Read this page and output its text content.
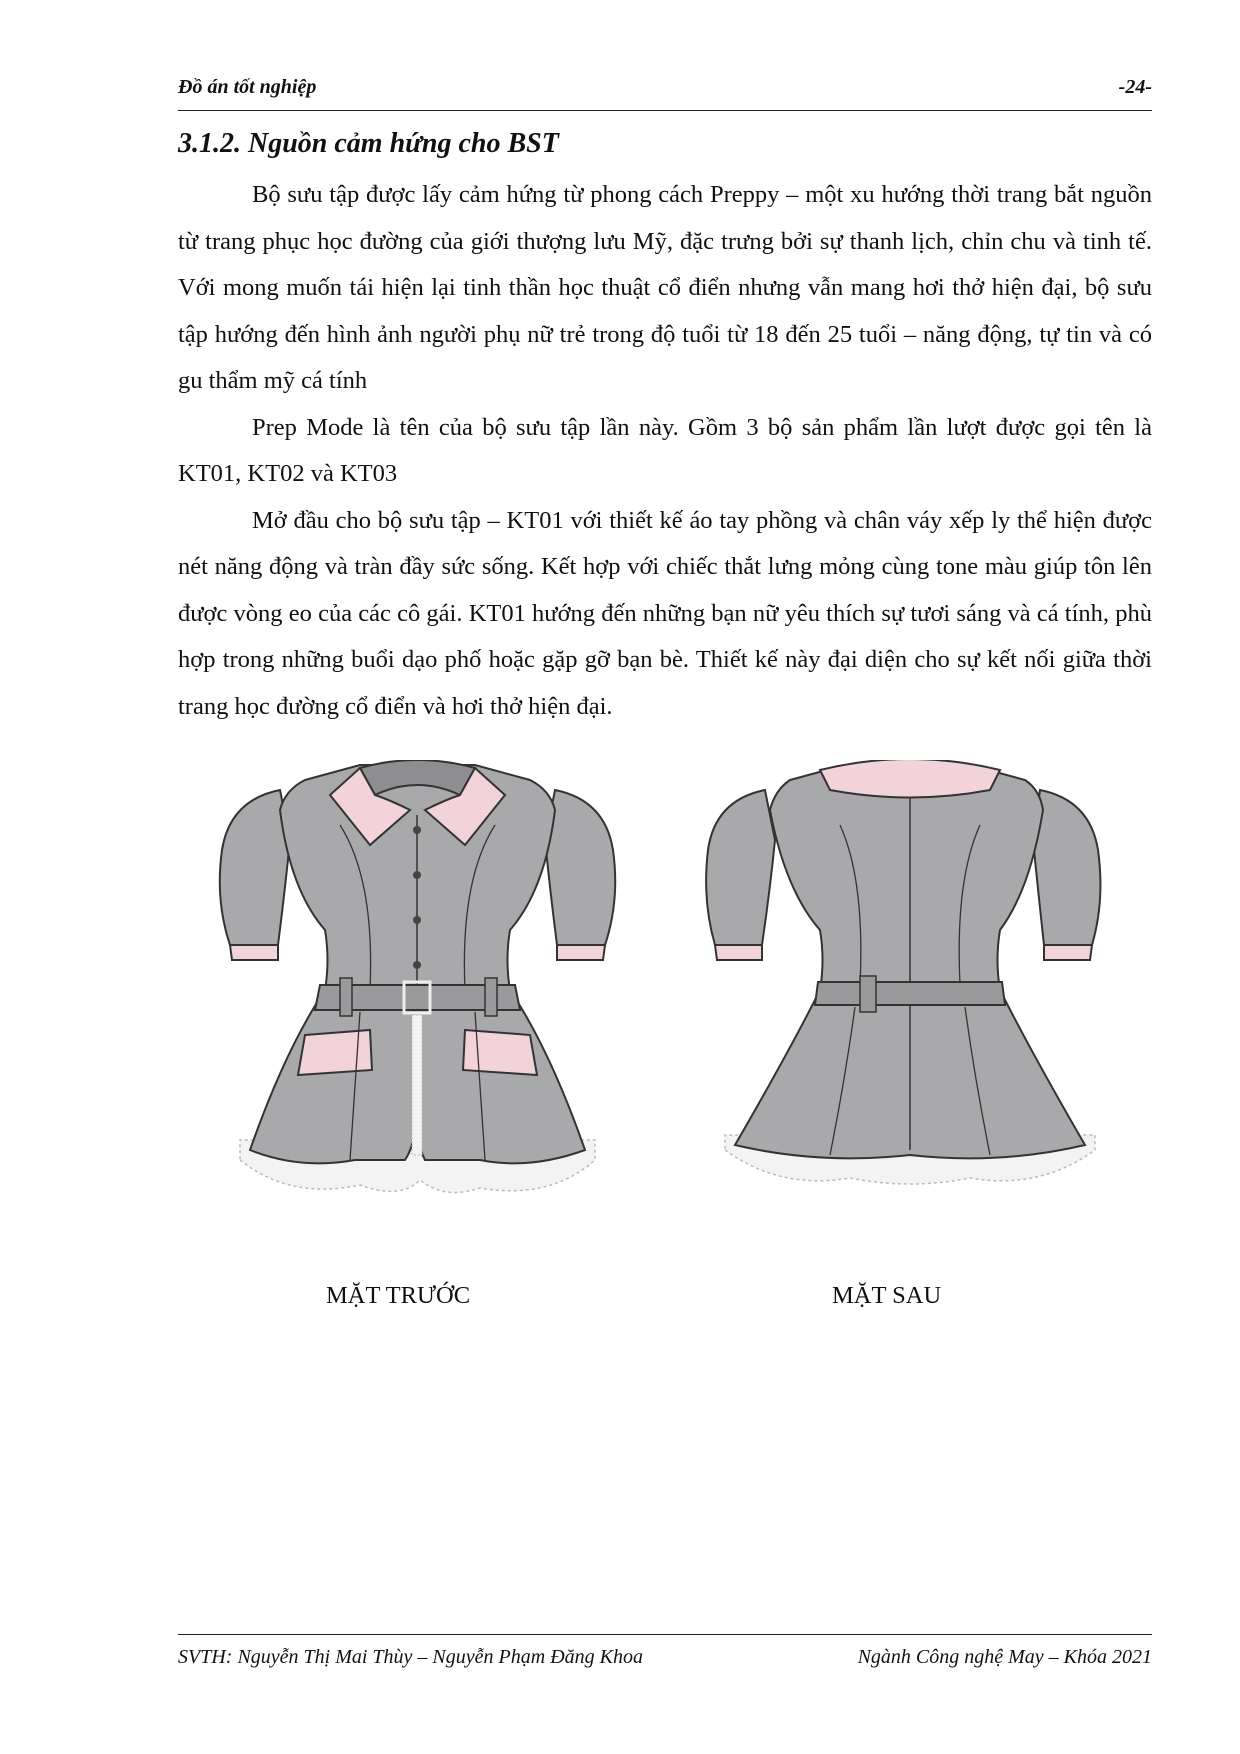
Đồ án tốt nghiệp	-24-
3.1.2. Nguồn cảm hứng cho BST

Bộ sưu tập được lấy cảm hứng từ phong cách Preppy – một xu hướng thời trang bắt nguồn từ trang phục học đường của giới thượng lưu Mỹ, đặc trưng bởi sự thanh lịch, chỉn chu và tinh tế. Với mong muốn tái hiện lại tinh thần học thuật cổ điển nhưng vẫn mang hơi thở hiện đại, bộ sưu tập hướng đến hình ảnh người phụ nữ trẻ trong độ tuổi từ 18 đến 25 tuổi – năng động, tự tin và có gu thẩm mỹ cá tính

Prep Mode là tên của bộ sưu tập lần này. Gồm 3 bộ sản phẩm lần lượt được gọi tên là KT01, KT02 và KT03

Mở đầu cho bộ sưu tập – KT01 với thiết kế áo tay phồng và chân váy xếp ly thể hiện được nét năng động và tràn đầy sức sống. Kết hợp với chiếc thắt lưng mỏng cùng tone màu giúp tôn lên được vòng eo của các cô gái. KT01 hướng đến những bạn nữ yêu thích sự tươi sáng và cá tính, phù hợp trong những buổi dạo phố hoặc gặp gỡ bạn bè. Thiết kế này đại diện cho sự kết nối giữa thời trang học đường cổ điển và hơi thở hiện đại.

MẶT TRƯỚC	MẶT SAU
SVTH: Nguyễn Thị Mai Thùy – Nguyễn Phạm Đăng Khoa	Ngành Công nghệ May – Khóa 2021
